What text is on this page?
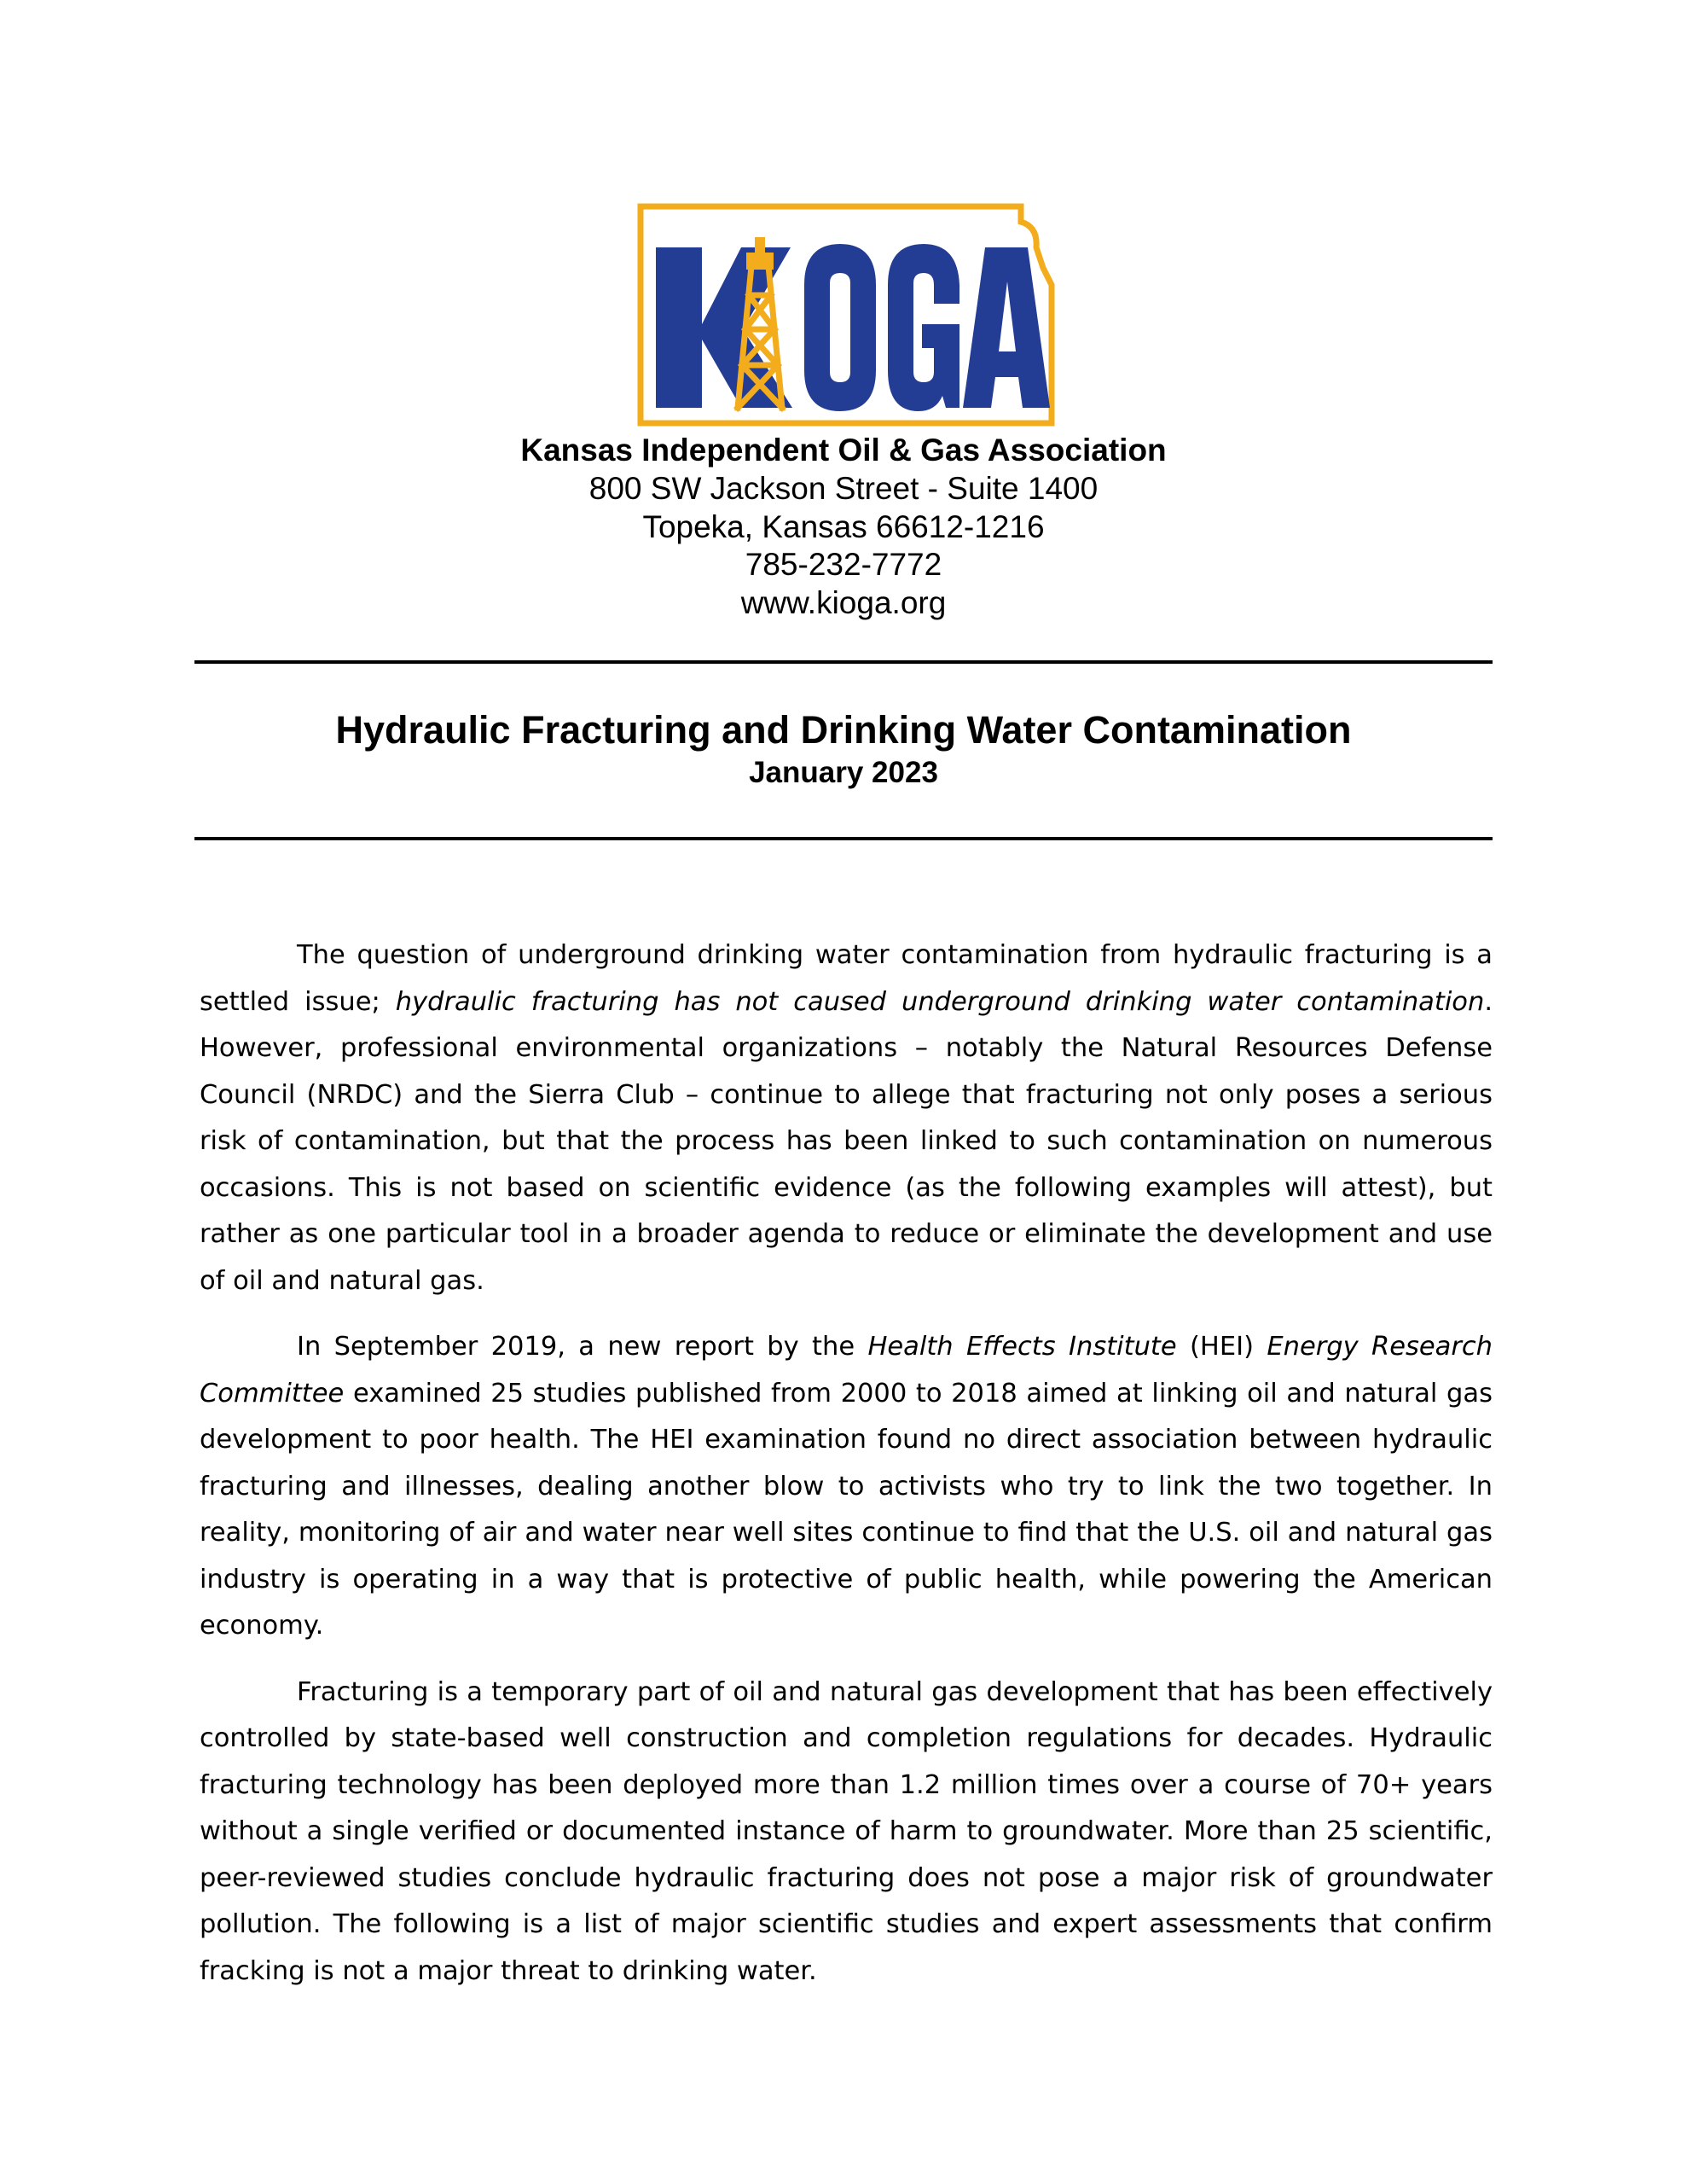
Kansas Independent Oil & Gas Association
800 SW Jackson Street - Suite 1400
Topeka, Kansas 66612-1216
785-232-7772
www.kioga.org
Hydraulic Fracturing and Drinking Water Contamination
January 2023

The question of underground drinking water contamination from hydraulic fracturing is a settled issue; hydraulic fracturing has not caused underground drinking water contamination. However, professional environmental organizations – notably the Natural Resources Defense Council (NRDC) and the Sierra Club – continue to allege that fracturing not only poses a serious risk of contamination, but that the process has been linked to such contamination on numerous occasions. This is not based on scientific evidence (as the following examples will attest), but rather as one particular tool in a broader agenda to reduce or eliminate the development and use of oil and natural gas.

In September 2019, a new report by the Health Effects Institute (HEI) Energy Research Committee examined 25 studies published from 2000 to 2018 aimed at linking oil and natural gas development to poor health. The HEI examination found no direct association between hydraulic fracturing and illnesses, dealing another blow to activists who try to link the two together. In reality, monitoring of air and water near well sites continue to find that the U.S. oil and natural gas industry is operating in a way that is protective of public health, while powering the American economy.

Fracturing is a temporary part of oil and natural gas development that has been effectively controlled by state-based well construction and completion regulations for decades. Hydraulic fracturing technology has been deployed more than 1.2 million times over a course of 70+ years without a single verified or documented instance of harm to groundwater. More than 25 scientific, peer-reviewed studies conclude hydraulic fracturing does not pose a major risk of groundwater pollution. The following is a list of major scientific studies and expert assessments that confirm fracking is not a major threat to drinking water.
